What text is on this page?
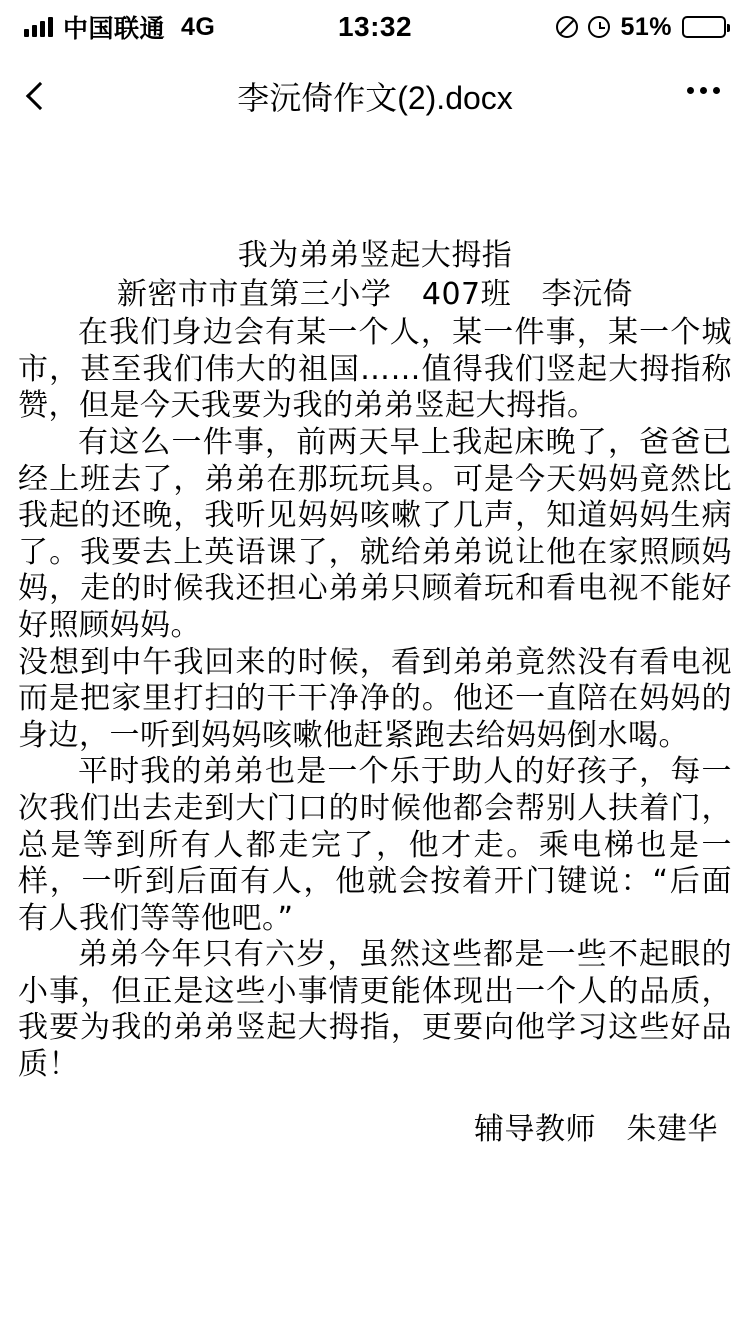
中国联通 4G	13:32	51%
李沅倚作文(2).docx

我为弟弟竖起大拇指

新密市市直第三小学　407班　李沅倚

在我们身边会有某一个人，某一件事，某一个城市，甚至我们伟大的祖国……值得我们竖起大拇指称赞，但是今天我要为我的弟弟竖起大拇指。

有这么一件事，前两天早上我起床晚了，爸爸已经上班去了，弟弟在那玩玩具。可是今天妈妈竟然比我起的还晚，我听见妈妈咳嗽了几声，知道妈妈生病了。我要去上英语课了，就给弟弟说让他在家照顾妈妈，走的时候我还担心弟弟只顾着玩和看电视不能好好照顾妈妈。

没想到中午我回来的时候，看到弟弟竟然没有看电视而是把家里打扫的干干净净的。他还一直陪在妈妈的身边，一听到妈妈咳嗽他赶紧跑去给妈妈倒水喝。

平时我的弟弟也是一个乐于助人的好孩子，每一次我们出去走到大门口的时候他都会帮别人扶着门，总是等到所有人都走完了，他才走。乘电梯也是一样，一听到后面有人，他就会按着开门键说：“后面有人我们等等他吧。”

弟弟今年只有六岁，虽然这些都是一些不起眼的小事，但正是这些小事情更能体现出一个人的品质，我要为我的弟弟竖起大拇指，更要向他学习这些好品质！

辅导教师　朱建华
